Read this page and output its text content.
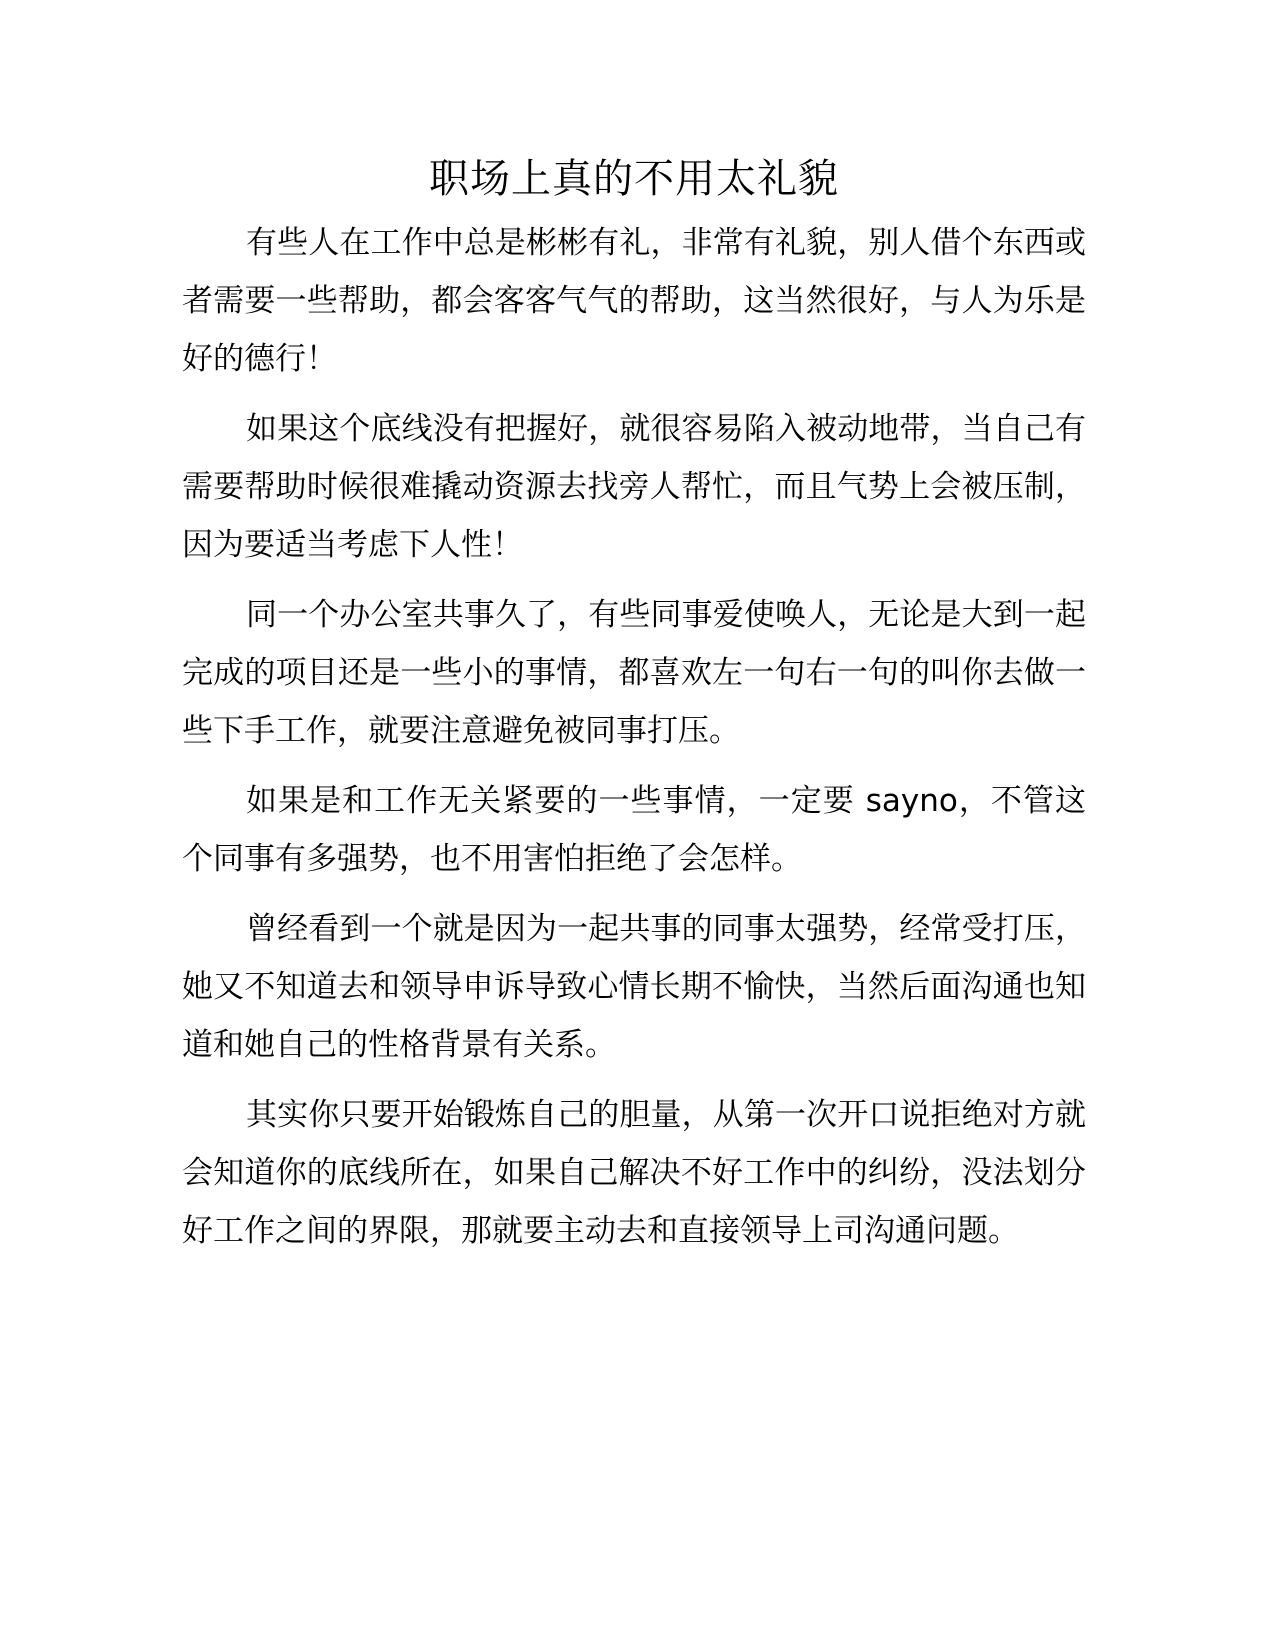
职场上真的不用太礼貌

有些人在工作中总是彬彬有礼，非常有礼貌，别人借个东西或者需要一些帮助，都会客客气气的帮助，这当然很好，与人为乐是好的德行！

如果这个底线没有把握好，就很容易陷入被动地带，当自己有需要帮助时候很难撬动资源去找旁人帮忙，而且气势上会被压制，因为要适当考虑下人性！

同一个办公室共事久了，有些同事爱使唤人，无论是大到一起完成的项目还是一些小的事情，都喜欢左一句右一句的叫你去做一些下手工作，就要注意避免被同事打压。

如果是和工作无关紧要的一些事情，一定要 sayno，不管这个同事有多强势，也不用害怕拒绝了会怎样。

曾经看到一个就是因为一起共事的同事太强势，经常受打压，她又不知道去和领导申诉导致心情长期不愉快，当然后面沟通也知道和她自己的性格背景有关系。

其实你只要开始锻炼自己的胆量，从第一次开口说拒绝对方就会知道你的底线所在，如果自己解决不好工作中的纠纷，没法划分好工作之间的界限，那就要主动去和直接领导上司沟通问题。
